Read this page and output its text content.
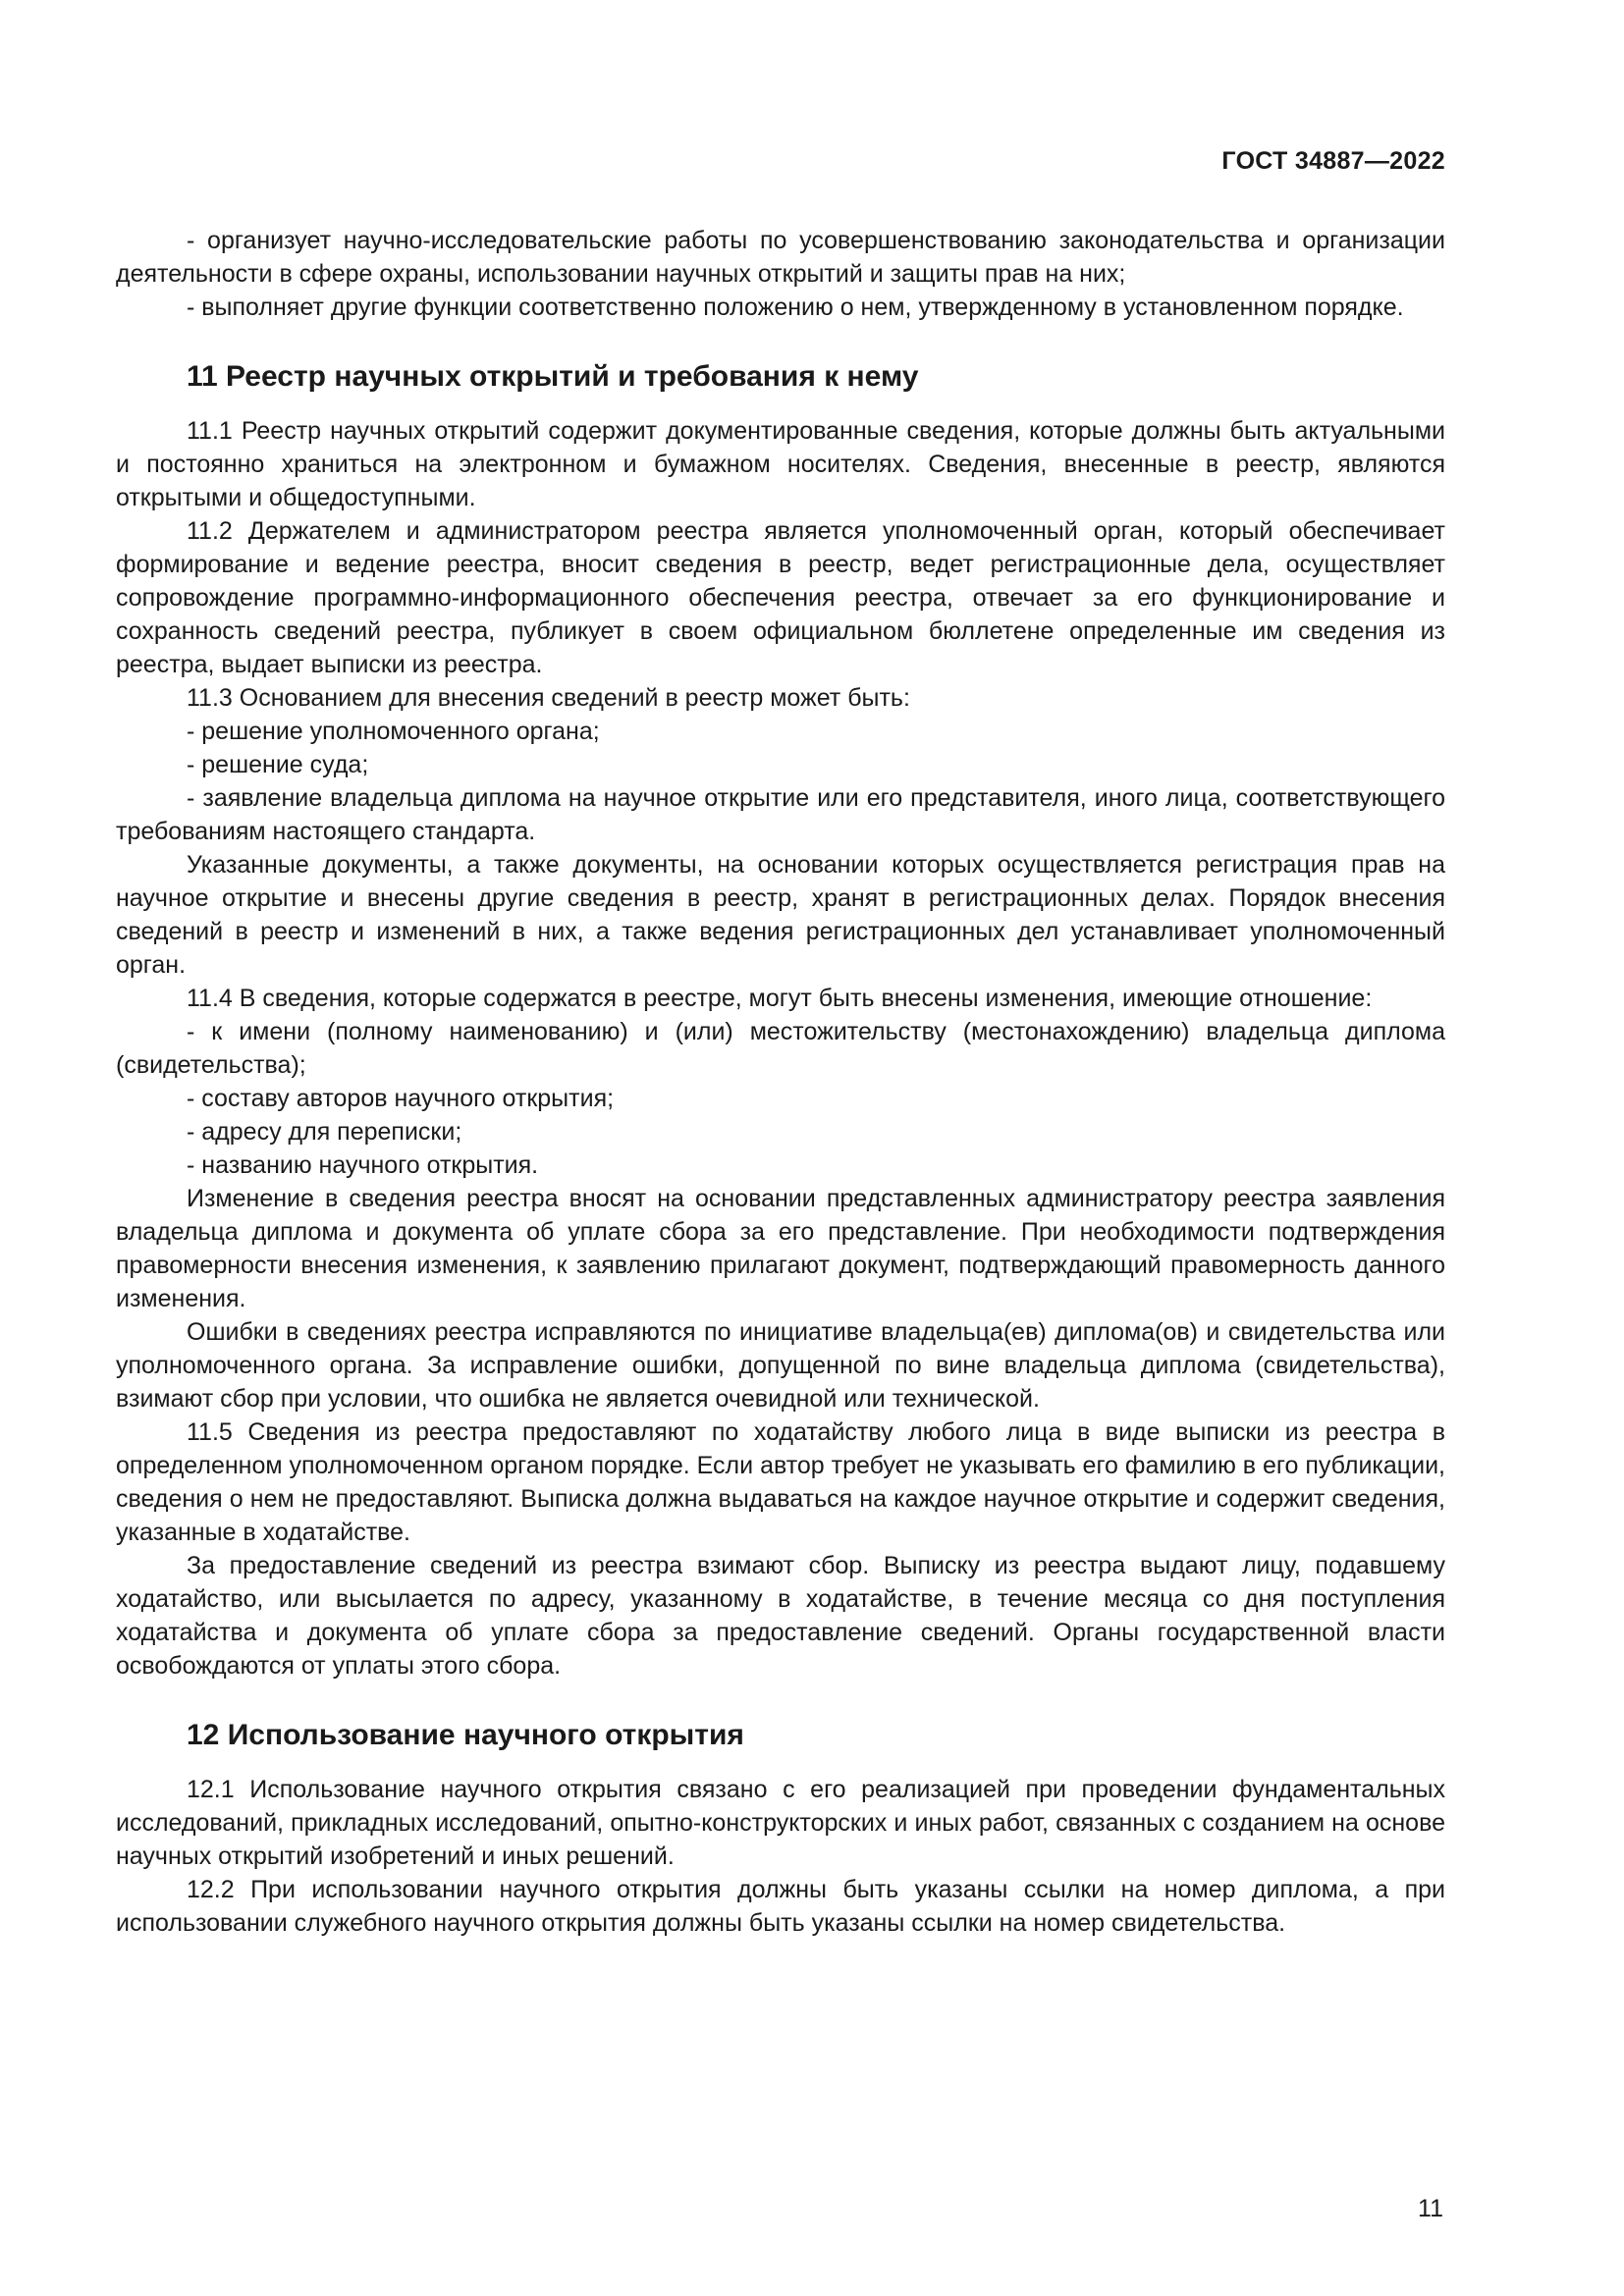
ГОСТ 34887—2022

- организует научно-исследовательские работы по усовершенствованию законодательства и организации деятельности в сфере охраны, использовании научных открытий и защиты прав на них;

- выполняет другие функции соответственно положению о нем, утвержденному в установленном порядке.

11 Реестр научных открытий и требования к нему

11.1 Реестр научных открытий содержит документированные сведения, которые должны быть актуальными и постоянно храниться на электронном и бумажном носителях. Сведения, внесенные в реестр, являются открытыми и общедоступными.

11.2 Держателем и администратором реестра является уполномоченный орган, который обеспечивает формирование и ведение реестра, вносит сведения в реестр, ведет регистрационные дела, осуществляет сопровождение программно-информационного обеспечения реестра, отвечает за его функционирование и сохранность сведений реестра, публикует в своем официальном бюллетене определенные им сведения из реестра, выдает выписки из реестра.

11.3 Основанием для внесения сведений в реестр может быть:

- решение уполномоченного органа;

- решение суда;

- заявление владельца диплома на научное открытие или его представителя, иного лица, соответствующего требованиям настоящего стандарта.

Указанные документы, а также документы, на основании которых осуществляется регистрация прав на научное открытие и внесены другие сведения в реестр, хранят в регистрационных делах. Порядок внесения сведений в реестр и изменений в них, а также ведения регистрационных дел устанавливает уполномоченный орган.

11.4 В сведения, которые содержатся в реестре, могут быть внесены изменения, имеющие отношение:

- к имени (полному наименованию) и (или) местожительству (местонахождению) владельца диплома (свидетельства);

- составу авторов научного открытия;

- адресу для переписки;

- названию научного открытия.

Изменение в сведения реестра вносят на основании представленных администратору реестра заявления владельца диплома и документа об уплате сбора за его представление. При необходимости подтверждения правомерности внесения изменения, к заявлению прилагают документ, подтверждающий правомерность данного изменения.

Ошибки в сведениях реестра исправляются по инициативе владельца(ев) диплома(ов) и свидетельства или уполномоченного органа. За исправление ошибки, допущенной по вине владельца диплома (свидетельства), взимают сбор при условии, что ошибка не является очевидной или технической.

11.5 Сведения из реестра предоставляют по ходатайству любого лица в виде выписки из реестра в определенном уполномоченном органом порядке. Если автор требует не указывать его фамилию в его публикации, сведения о нем не предоставляют. Выписка должна выдаваться на каждое научное открытие и содержит сведения, указанные в ходатайстве.

За предоставление сведений из реестра взимают сбор. Выписку из реестра выдают лицу, подавшему ходатайство, или высылается по адресу, указанному в ходатайстве, в течение месяца со дня поступления ходатайства и документа об уплате сбора за предоставление сведений. Органы государственной власти освобождаются от уплаты этого сбора.

12 Использование научного открытия

12.1 Использование научного открытия связано с его реализацией при проведении фундаментальных исследований, прикладных исследований, опытно-конструкторских и иных работ, связанных с созданием на основе научных открытий изобретений и иных решений.

12.2 При использовании научного открытия должны быть указаны ссылки на номер диплома, а при использовании служебного научного открытия должны быть указаны ссылки на номер свидетельства.

11
